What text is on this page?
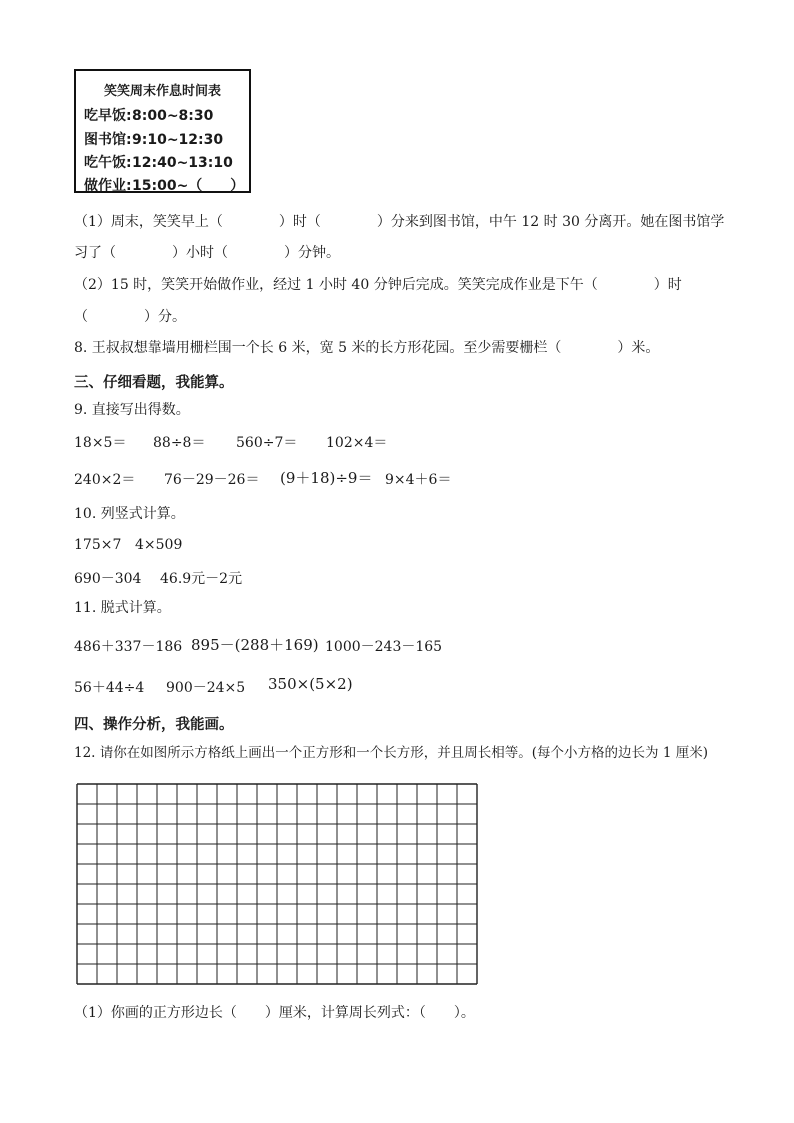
笑笑周末作息时间表
吃早饭:8:00~8:30
图书馆:9:10~12:30
吃午饭:12:40~13:10
做作业:15:00~（　　）
（1）周末，笑笑早上（　　　　）时（　　　　）分来到图书馆，中午 12 时 30 分离开。她在图书馆学
习了（　　　　）小时（　　　　）分钟。
（2）15 时，笑笑开始做作业，经过 1 小时 40 分钟后完成。笑笑完成作业是下午（　　　　）时
（　　　　）分。
8. 王叔叔想靠墙用栅栏围一个长 6 米，宽 5 米的长方形花园。至少需要栅栏（　　　　）米。
三、仔细看题，我能算。
9. 直接写出得数。
18×5＝ 88÷8＝ 560÷7＝ 102×4＝
240×2＝ 76－29－26＝ (9＋18)÷9＝ 9×4＋6＝
10. 列竖式计算。
175×7 4×509
690－304 46.9元－2元
11. 脱式计算。
486＋337－186 895－(288＋169) 1000－243－165
56＋44÷4 900－24×5 350×(5×2)
四、操作分析，我能画。
12. 请你在如图所示方格纸上画出一个正方形和一个长方形，并且周长相等。(每个小方格的边长为 1 厘米)
（1）你画的正方形边长（　　）厘米，计算周长列式：（　　）。
